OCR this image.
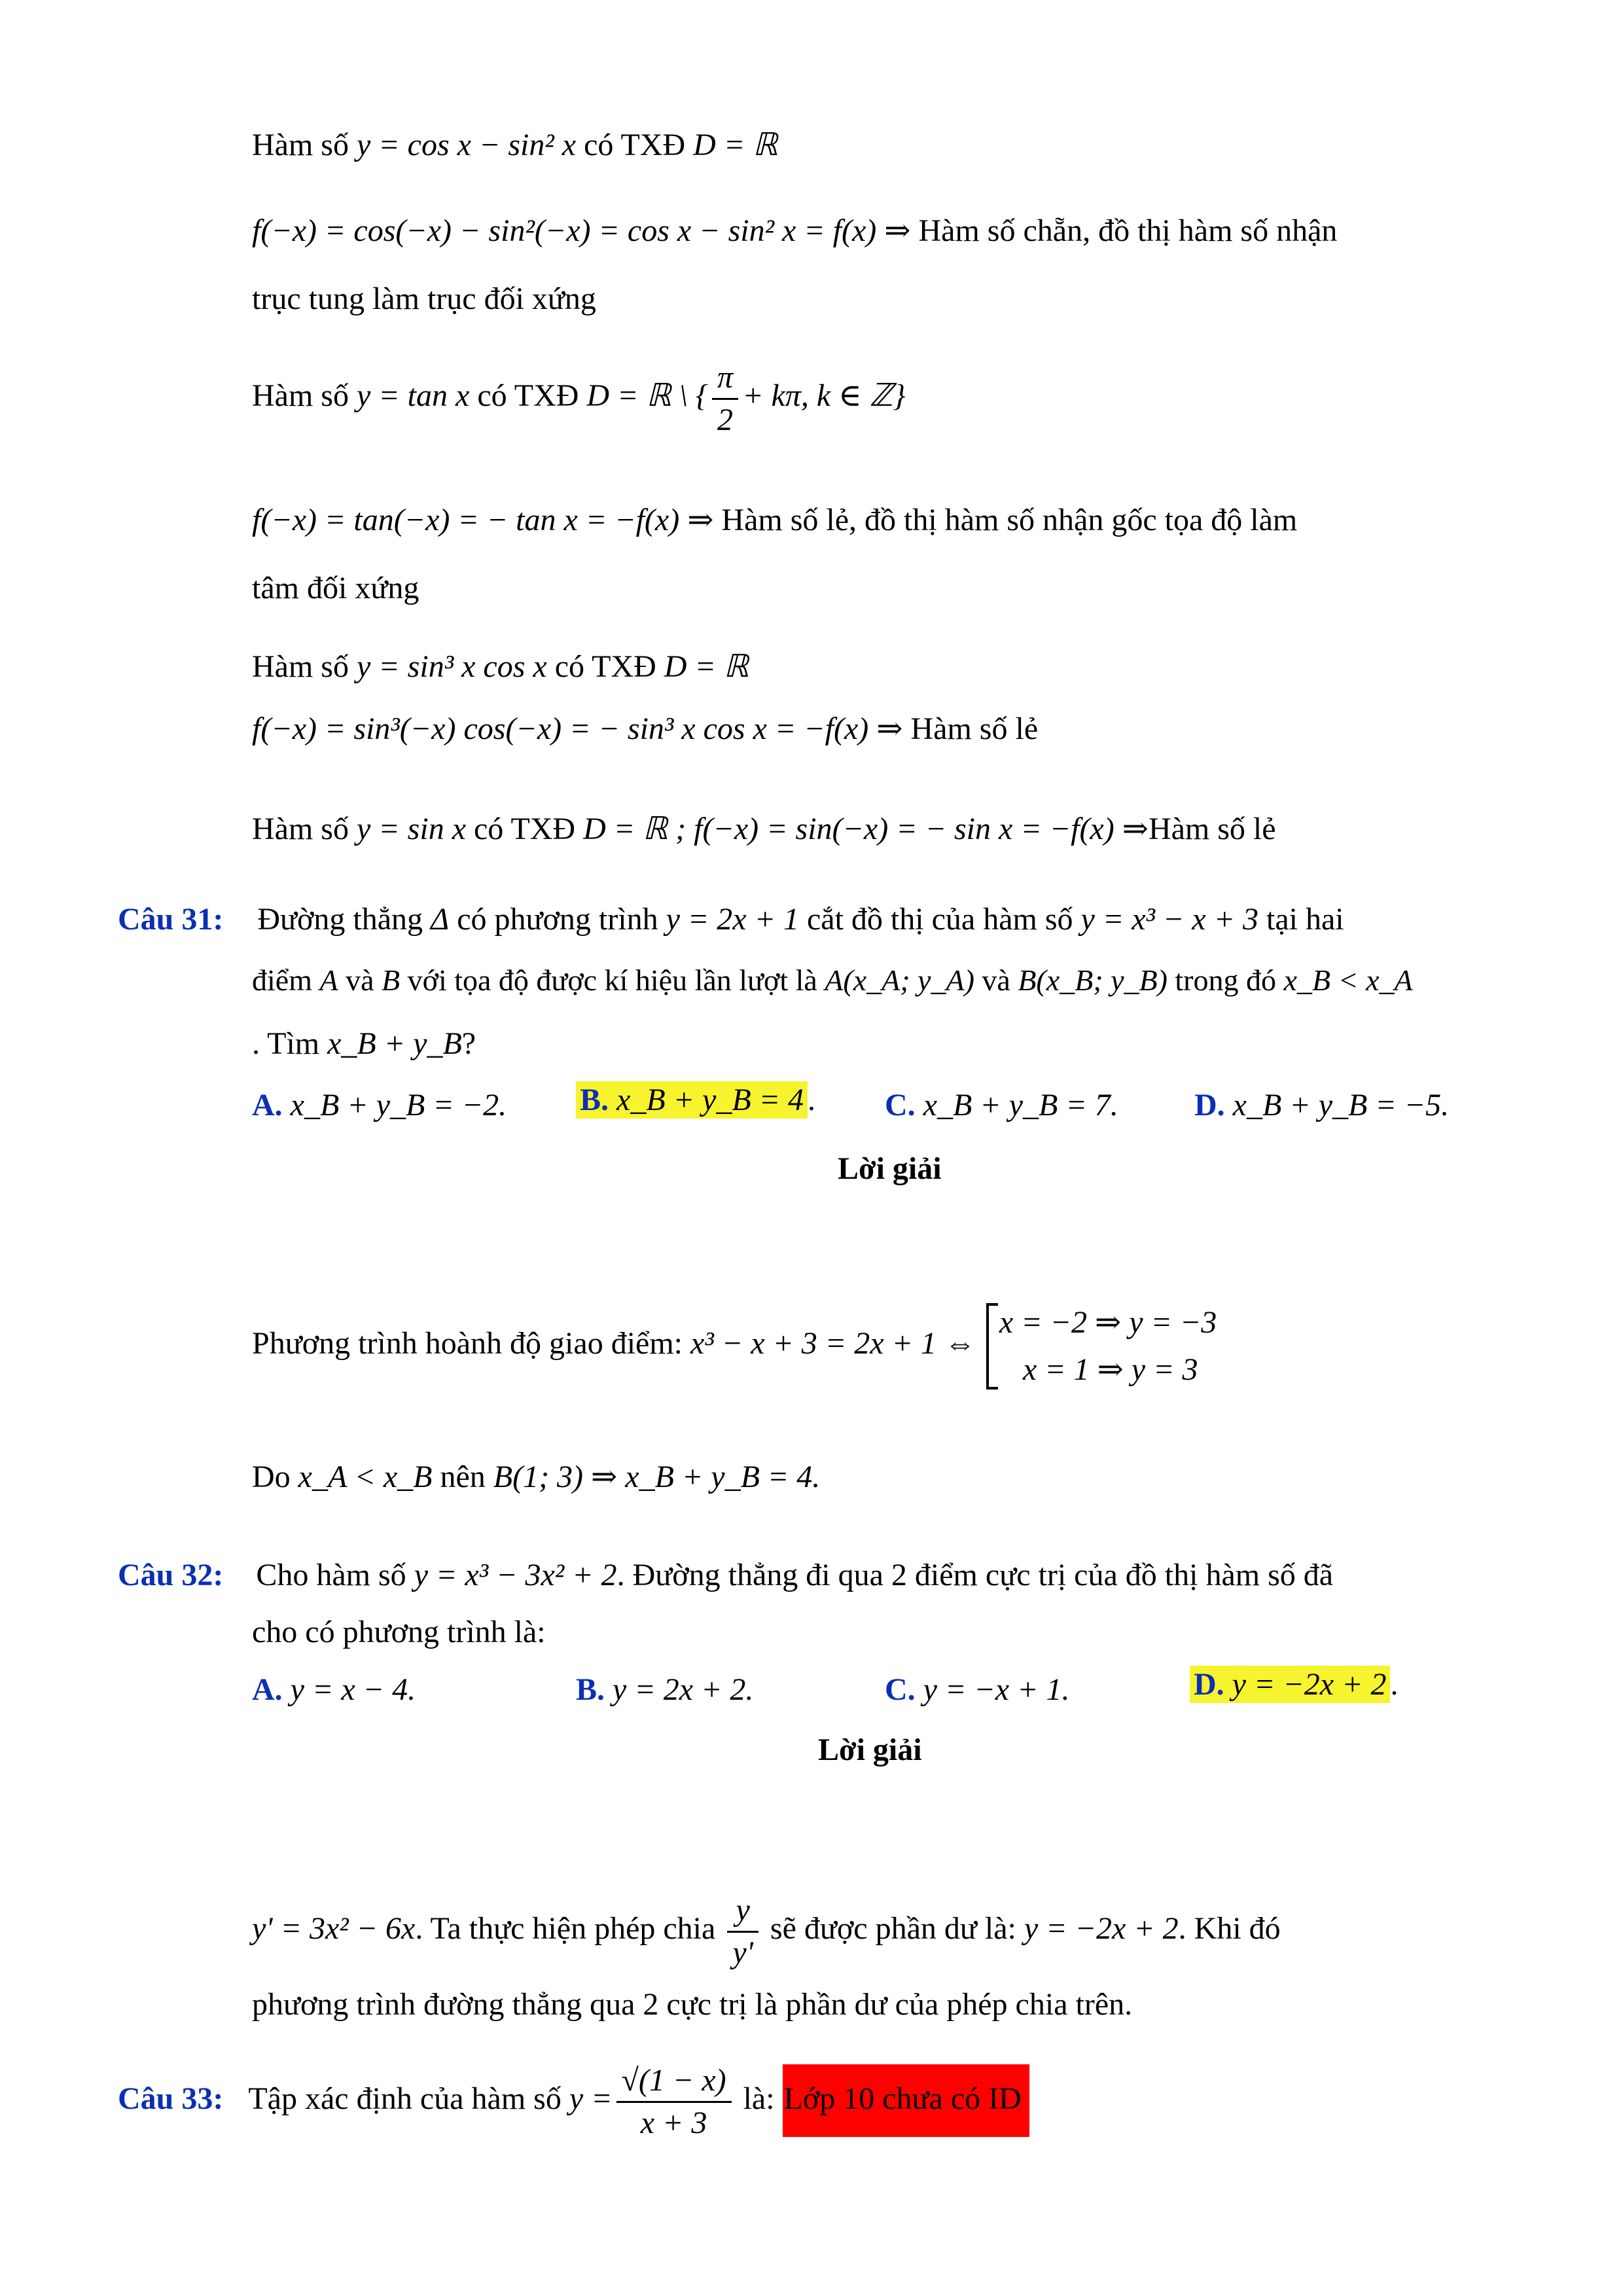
Hàm số y = cos x − sin² x có TXĐ D = ℝ
f(−x) = cos(−x) − sin²(−x) = cos x − sin² x = f(x) ⇒ Hàm số chẵn, đồ thị hàm số nhận
trục tung làm trục đối xứng
Hàm số y = tan x có TXĐ D = ℝ \ { $\frac{\pi}{2} + k\pi$, k ∈ ℤ}
f(−x) = tan(−x) = − tan x = −f(x) ⇒ Hàm số lẻ, đồ thị hàm số nhận gốc tọa độ làm
tâm đối xứng
Hàm số y = sin³ x cos x có TXĐ D = ℝ
f(−x) = sin³(−x) cos(−x) = − sin³ x cos x = −f(x) ⇒ Hàm số lẻ
Hàm số y = sin x có TXĐ D = ℝ ; f(−x) = sin(−x) = − sin x = −f(x) ⇒Hàm số lẻ
Câu 31: Đường thẳng Δ có phương trình y = 2x + 1 cắt đồ thị của hàm số y = x³ − x + 3 tại hai
điểm A và B với tọa độ được kí hiệu lần lượt là A(x_A; y_A) và B(x_B; y_B) trong đó x_B < x_A
. Tìm x_B + y_B?
A. x_B + y_B = −2. B. x_B + y_B = 4 . C. x_B + y_B = 7. D. x_B + y_B = −5.
Lời giải
Phương trình hoành độ giao điểm: x³ − x + 3 = 2x + 1 ⇔
x = −2 ⇒ y = −3
x = 1 ⇒ y = 3
Do x_A < x_B nên B(1; 3) ⇒ x_B + y_B = 4.
Câu 32: Cho hàm số y = x³ − 3x² + 2. Đường thẳng đi qua 2 điểm cực trị của đồ thị hàm số đã
cho có phương trình là:
A. y = x − 4.	B. y = 2x + 2.	C. y = −x + 1.	D. y = −2x + 2 .
Lời giải
y' = 3x² − 6x. Ta thực hiện phép chia $\frac{y}{y'}$ sẽ được phần dư là: y = −2x + 2. Khi đó
phương trình đường thẳng qua 2 cực trị là phần dư của phép chia trên.
Câu 33: Tập xác định của hàm số $y = \frac{√(1 - x)}{x + 3}$ là: Lớp 10 chưa có ID
